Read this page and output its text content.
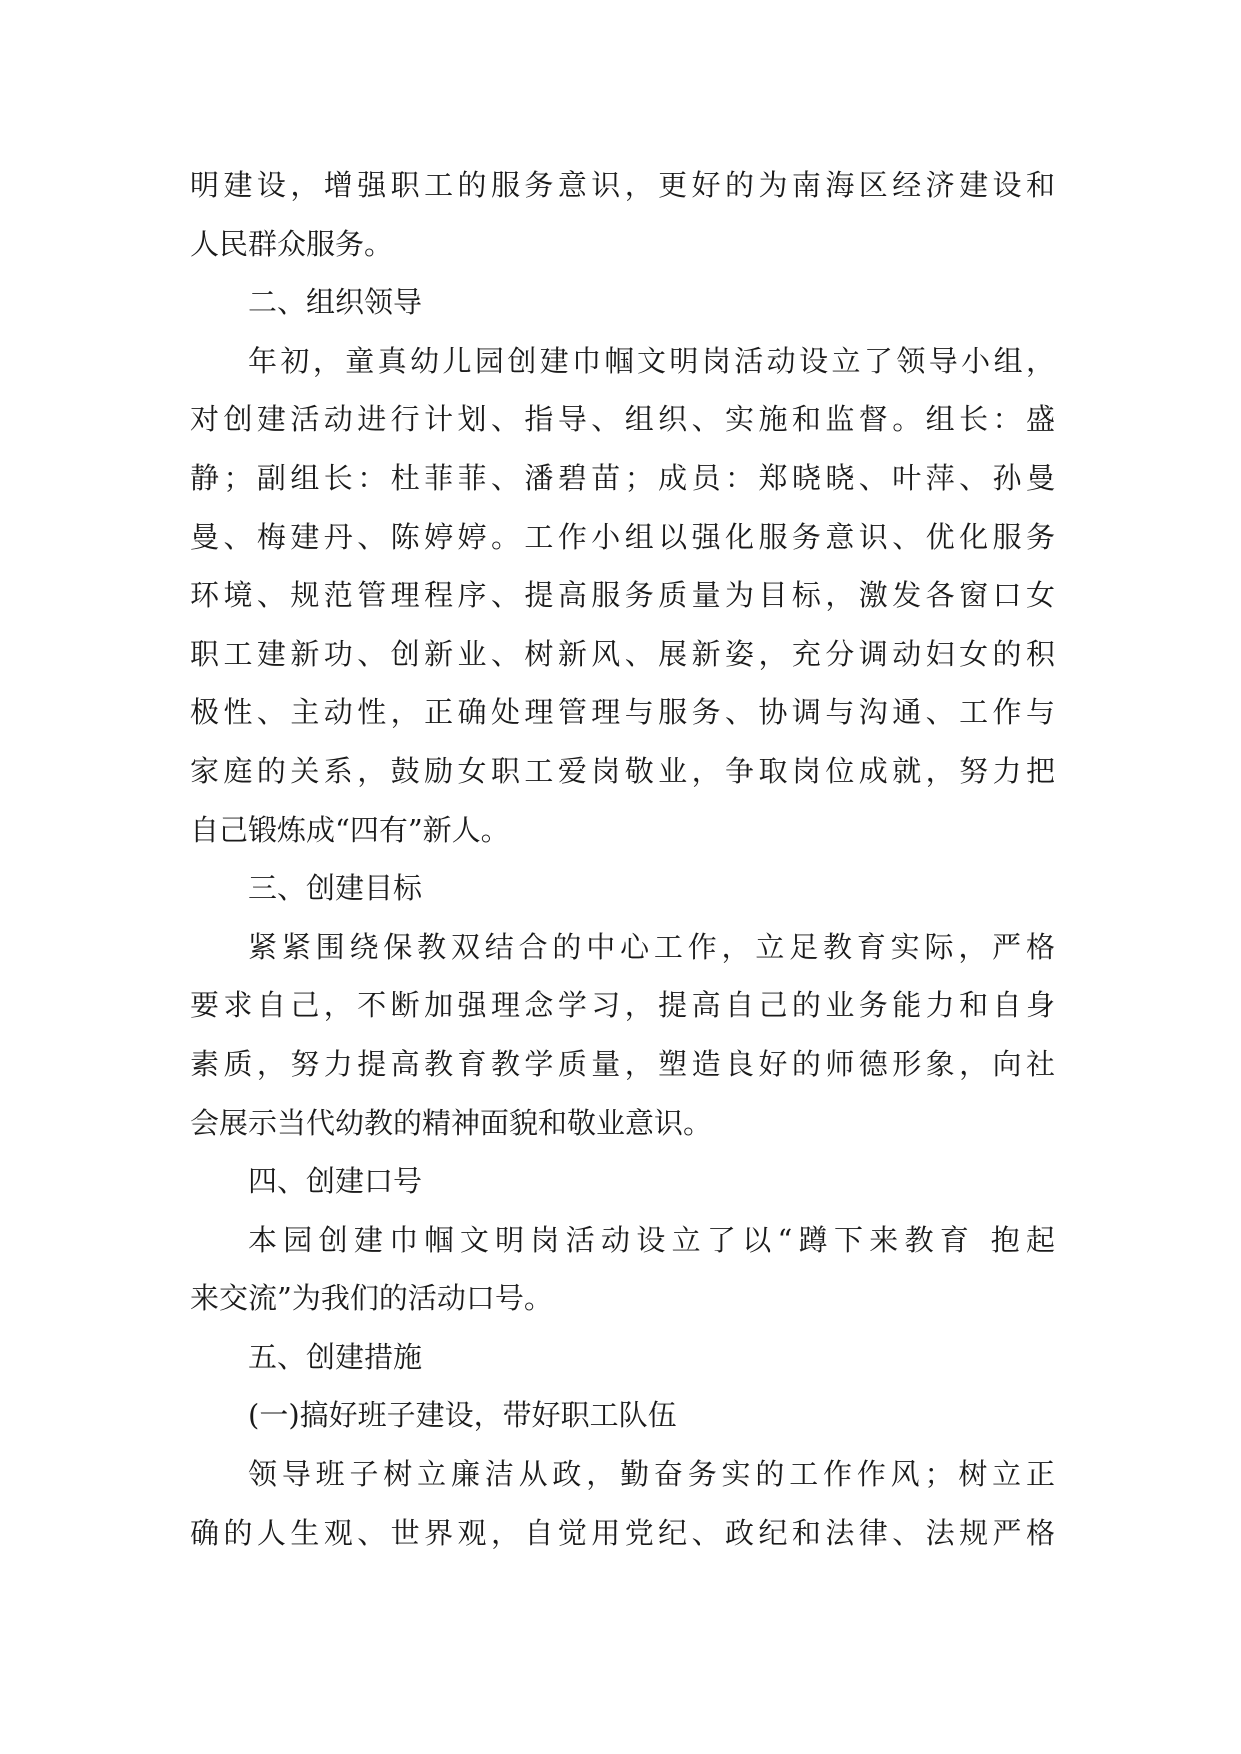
明建设，增强职工的服务意识，更好的为南海区经济建设和
人民群众服务。
二、组织领导
年初，童真幼儿园创建巾帼文明岗活动设立了领导小组，
对创建活动进行计划、指导、组织、实施和监督。组长：盛
静；副组长：杜菲菲、潘碧苗；成员：郑晓晓、叶萍、孙曼
曼、梅建丹、陈婷婷。工作小组以强化服务意识、优化服务
环境、规范管理程序、提高服务质量为目标，激发各窗口女
职工建新功、创新业、树新风、展新姿，充分调动妇女的积
极性、主动性，正确处理管理与服务、协调与沟通、工作与
家庭的关系，鼓励女职工爱岗敬业，争取岗位成就，努力把
自己锻炼成“四有”新人。
三、创建目标
紧紧围绕保教双结合的中心工作，立足教育实际，严格
要求自己，不断加强理念学习，提高自己的业务能力和自身
素质，努力提高教育教学质量，塑造良好的师德形象，向社
会展示当代幼教的精神面貌和敬业意识。
四、创建口号
本园创建巾帼文明岗活动设立了以“蹲下来教育 抱起
来交流”为我们的活动口号。
五、创建措施
(一)搞好班子建设，带好职工队伍
领导班子树立廉洁从政，勤奋务实的工作作风；树立正
确的人生观、世界观，自觉用党纪、政纪和法律、法规严格
